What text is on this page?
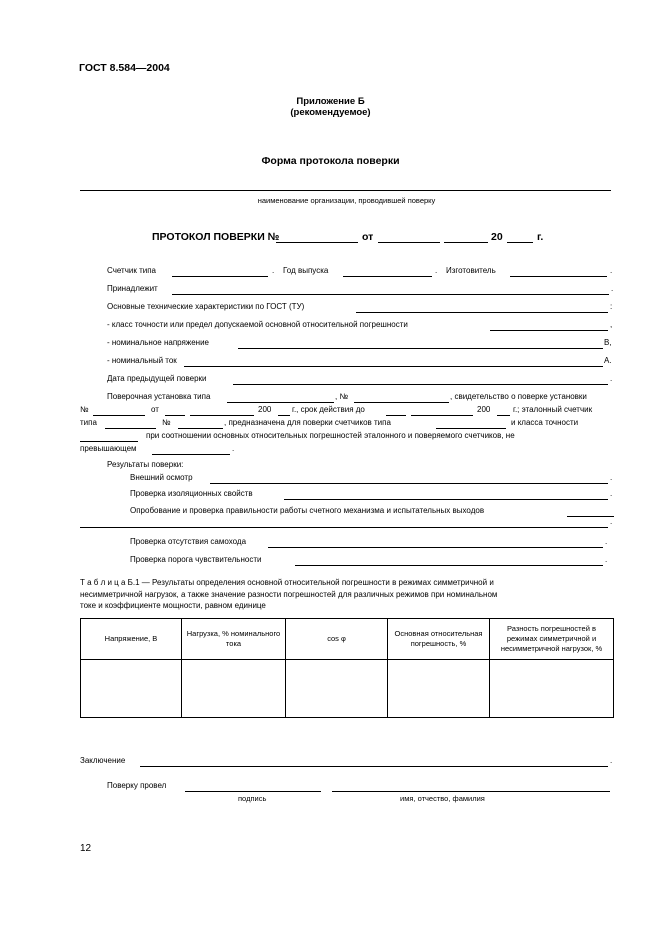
ГОСТ 8.584—2004
Приложение Б
(рекомендуемое)
Форма протокола поверки
наименование организации, проводившей поверку
ПРОТОКОЛ ПОВЕРКИ №	от	20	г.
Счетчик типа	. Год выпуска	. Изготовитель	.
Принадлежит	.
Основные технические характеристики по ГОСТ (ТУ)	:
- класс точности или предел допускаемой основной относительной погрешности	,
- номинальное напряжение	В,
- номинальный ток	А.
Дата предыдущей поверки	.
Поверочная установка типа	, №	, свидетельство о поверке установки
№	от	200	г., срок действия до	200	г.; эталонный счетчик
типа	№	, предназначена для поверки счетчиков типа	и класса точности
при соотношении основных относительных погрешностей эталонного и поверяемого счетчиков, не
превышающем	.
Результаты поверки:
Внешний осмотр	.
Проверка изоляционных свойств	.
Опробование и проверка правильности работы счетного механизма и испытательных выходов
.
Проверка отсутствия самохода	.
Проверка порога чувствительности	.
Т а б л и ц а Б.1 — Результаты определения основной относительной погрешности в режимах симметричной и
несимметричной нагрузок, а также значение разности погрешностей для различных режимов при номинальном
токе и коэффициенте мощности, равном единице
Напряжение, В	Нагрузка, % номинального тока	cos φ	Основная относительная погрешность, %	Разность погрешностей в режимах симметричной и несимметричной нагрузок, %

Заключение	.
Поверку провел
подпись	имя, отчество, фамилия
12
